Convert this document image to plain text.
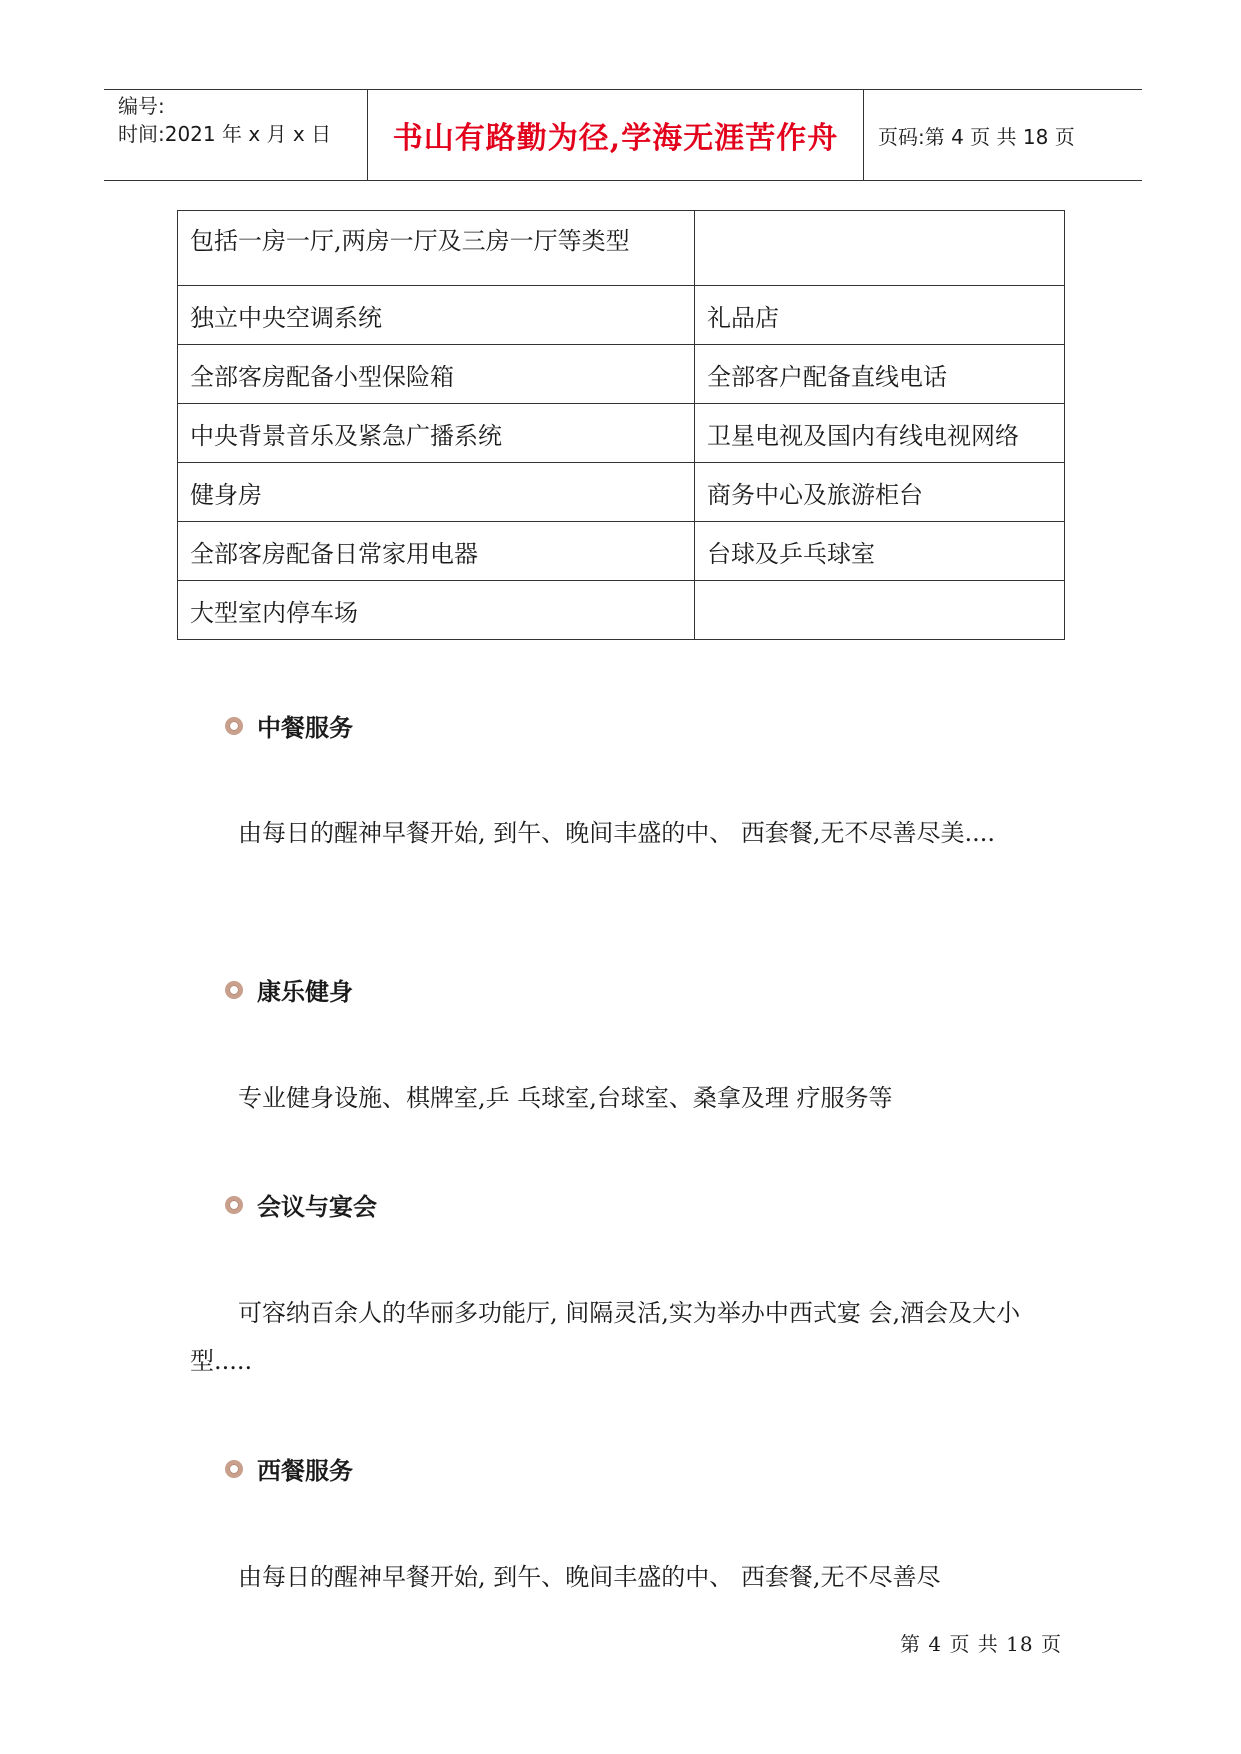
编号:
时间:2021 年 x 月 x 日	书山有路勤为径,学海无涯苦作舟	页码:第 4 页 共 18 页
包括一房一厅,两房一厅及三房一厅等类型	
独立中央空调系统	礼品店
全部客房配备小型保险箱	全部客户配备直线电话
中央背景音乐及紧急广播系统	卫星电视及国内有线电视网络
健身房	商务中心及旅游柜台
全部客房配备日常家用电器	台球及乒乓球室
大型室内停车场	
中餐服务
由每日的醒神早餐开始, 到午、晚间丰盛的中、 西套餐,无不尽善尽美....
康乐健身
专业健身设施、棋牌室,乒 乓球室,台球室、桑拿及理 疗服务等
会议与宴会
可容纳百余人的华丽多功能厅, 间隔灵活,实为举办中西式宴 会,酒会及大小型.....
西餐服务
由每日的醒神早餐开始, 到午、晚间丰盛的中、 西套餐,无不尽善尽
第 4 页 共 18 页
